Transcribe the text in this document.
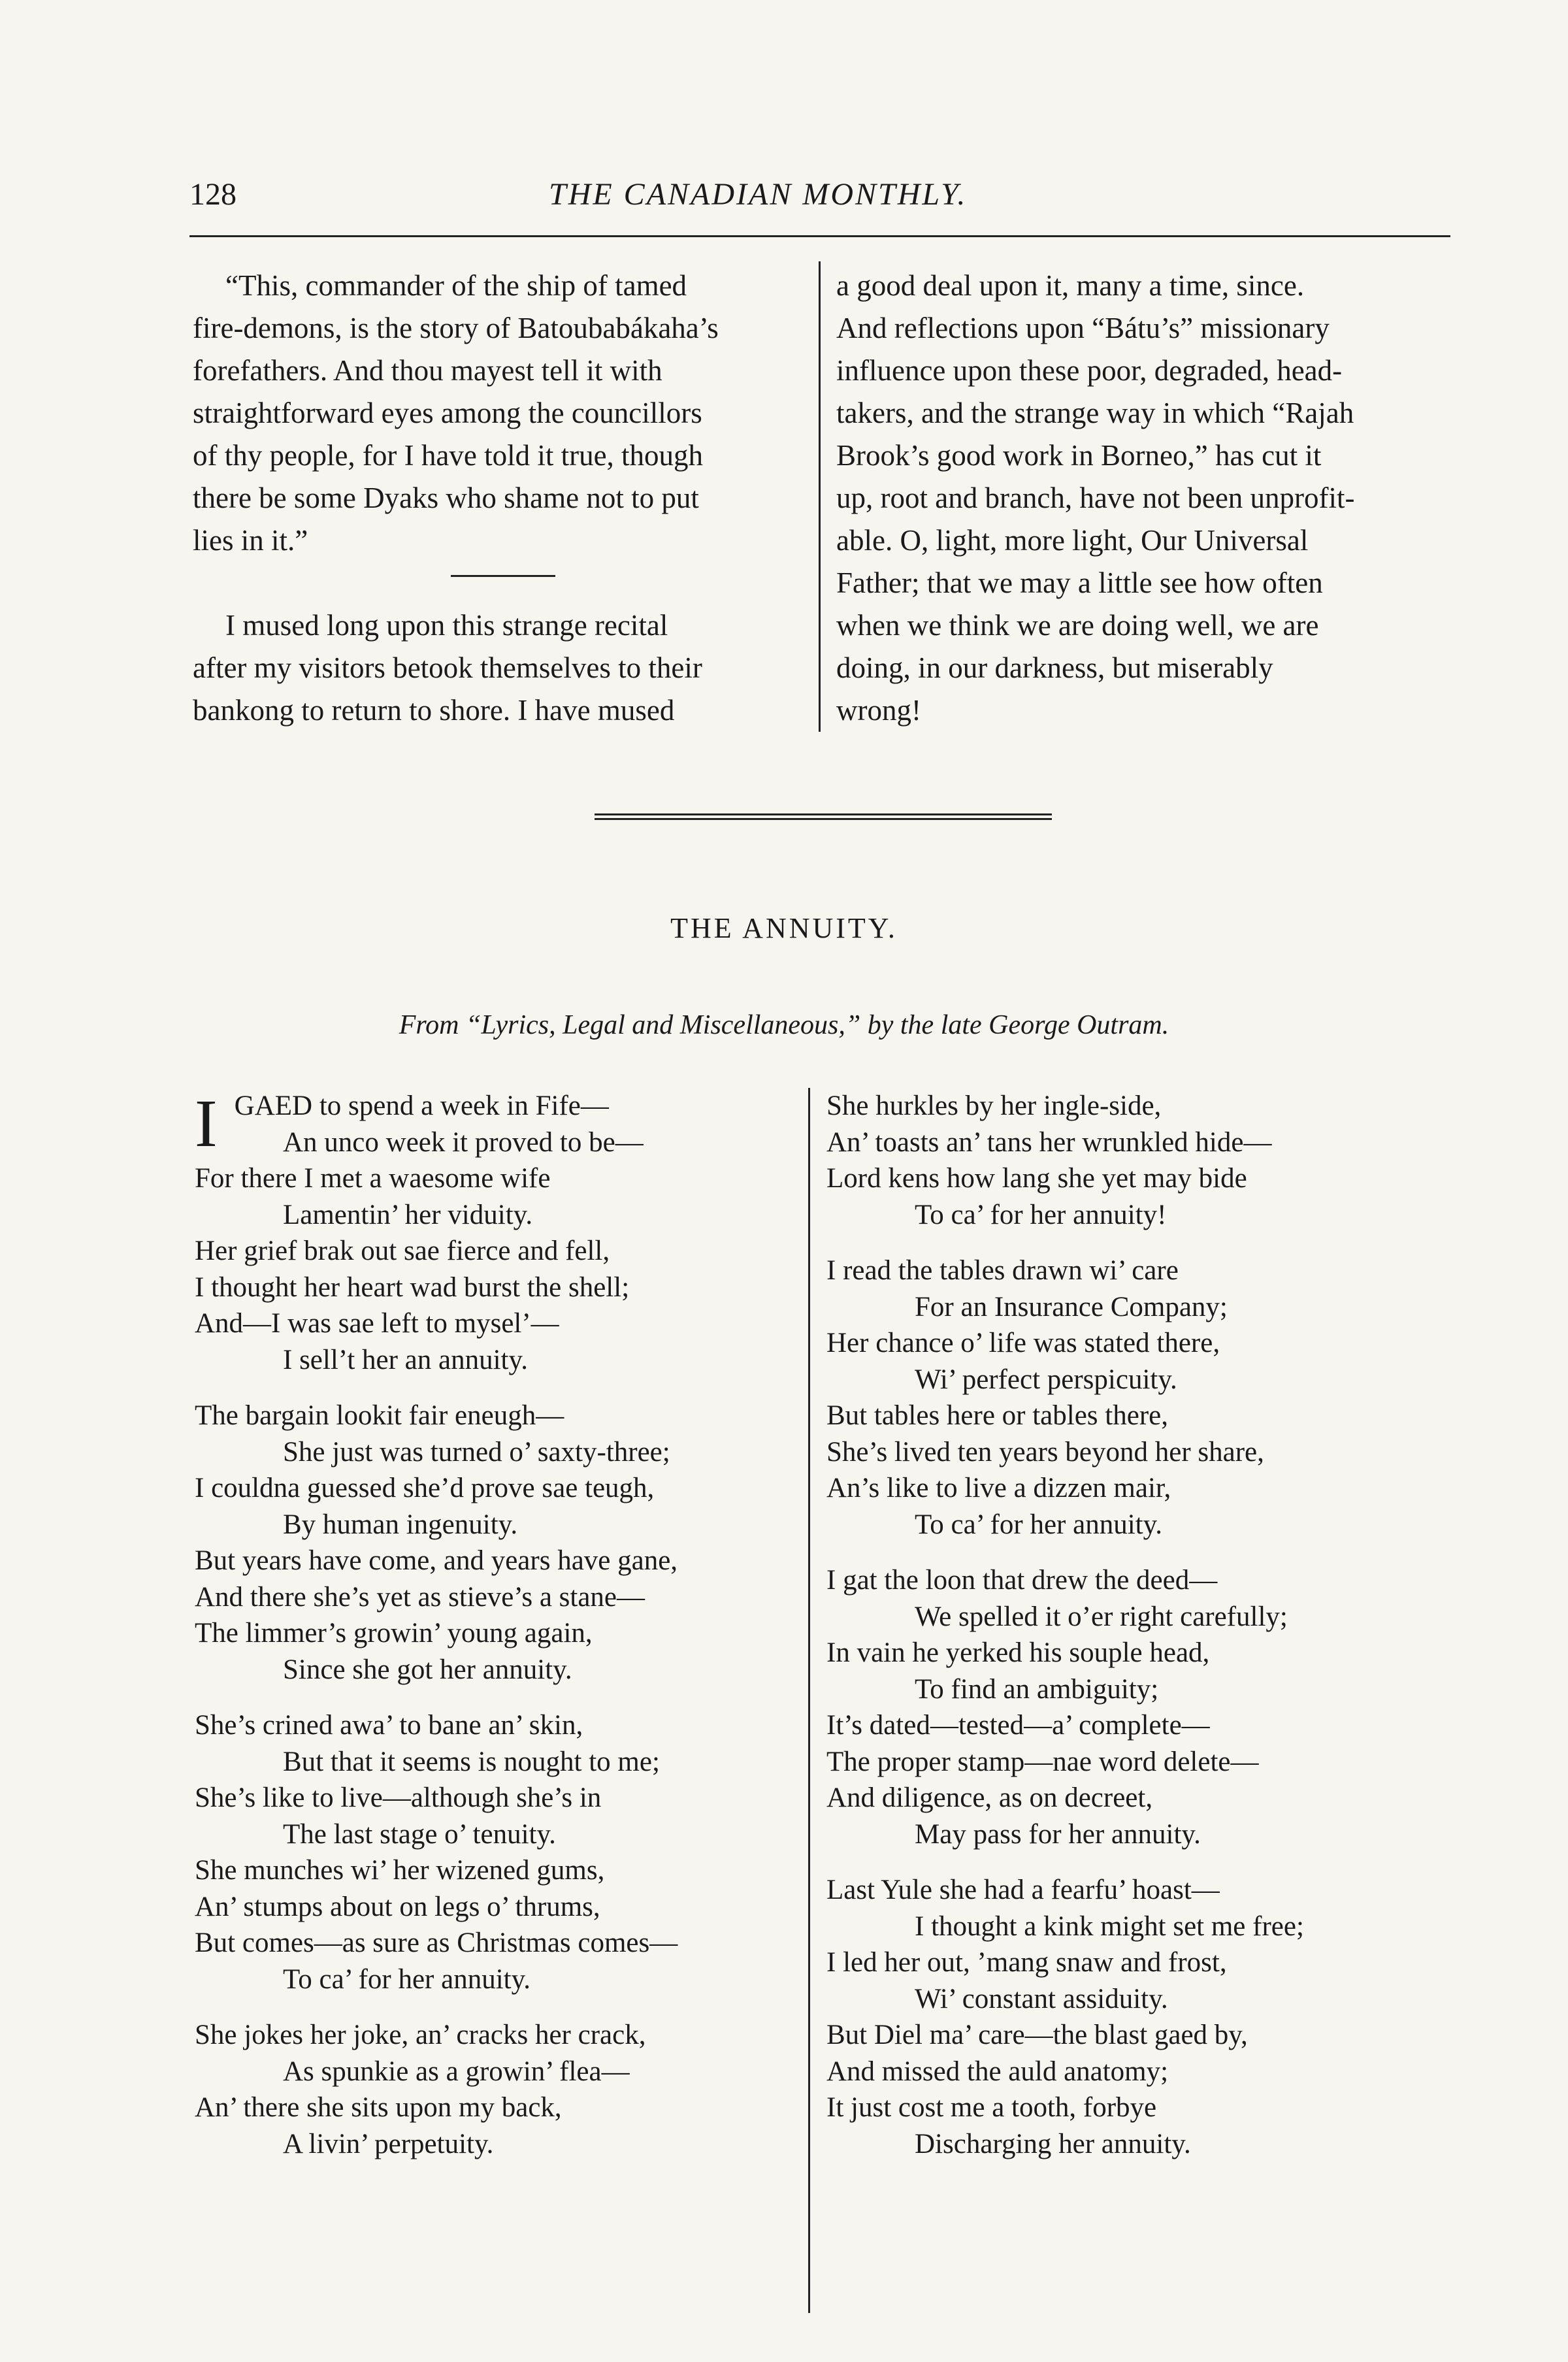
128	THE CANADIAN MONTHLY.
“This, commander of the ship of tamed
fire-demons, is the story of Batoubabákaha’s
forefathers. And thou mayest tell it with
straightforward eyes among the councillors
of thy people, for I have told it true, though
there be some Dyaks who shame not to put
lies in it.”
I mused long upon this strange recital
after my visitors betook themselves to their
bankong to return to shore. I have mused
a good deal upon it, many a time, since.
And reflections upon “Bátu’s” missionary
influence upon these poor, degraded, head-
takers, and the strange way in which “Rajah
Brook’s good work in Borneo,” has cut it
up, root and branch, have not been unprofit-
able. O, light, more light, Our Universal
Father; that we may a little see how often
when we think we are doing well, we are
doing, in our darkness, but miserably
wrong!
THE ANNUITY.
From “Lyrics, Legal and Miscellaneous,” by the late George Outram.
I GAED to spend a week in Fife—
An unco week it proved to be—
For there I met a waesome wife
Lamentin’ her viduity.
Her grief brak out sae fierce and fell,
I thought her heart wad burst the shell;
And—I was sae left to mysel’—
I sell’t her an annuity.
The bargain lookit fair eneugh—
She just was turned o’ saxty-three;
I couldna guessed she’d prove sae teugh,
By human ingenuity.
But years have come, and years have gane,
And there she’s yet as stieve’s a stane—
The limmer’s growin’ young again,
Since she got her annuity.
She’s crined awa’ to bane an’ skin,
But that it seems is nought to me;
She’s like to live—although she’s in
The last stage o’ tenuity.
She munches wi’ her wizened gums,
An’ stumps about on legs o’ thrums,
But comes—as sure as Christmas comes—
To ca’ for her annuity.
She jokes her joke, an’ cracks her crack,
As spunkie as a growin’ flea—
An’ there she sits upon my back,
A livin’ perpetuity.
She hurkles by her ingle-side,
An’ toasts an’ tans her wrunkled hide—
Lord kens how lang she yet may bide
To ca’ for her annuity!
I read the tables drawn wi’ care
For an Insurance Company;
Her chance o’ life was stated there,
Wi’ perfect perspicuity.
But tables here or tables there,
She’s lived ten years beyond her share,
An’s like to live a dizzen mair,
To ca’ for her annuity.
I gat the loon that drew the deed—
We spelled it o’er right carefully;
In vain he yerked his souple head,
To find an ambiguity;
It’s dated—tested—a’ complete—
The proper stamp—nae word delete—
And diligence, as on decreet,
May pass for her annuity.
Last Yule she had a fearfu’ hoast—
I thought a kink might set me free;
I led her out, ’mang snaw and frost,
Wi’ constant assiduity.
But Diel ma’ care—the blast gaed by,
And missed the auld anatomy;
It just cost me a tooth, forbye
Discharging her annuity.
